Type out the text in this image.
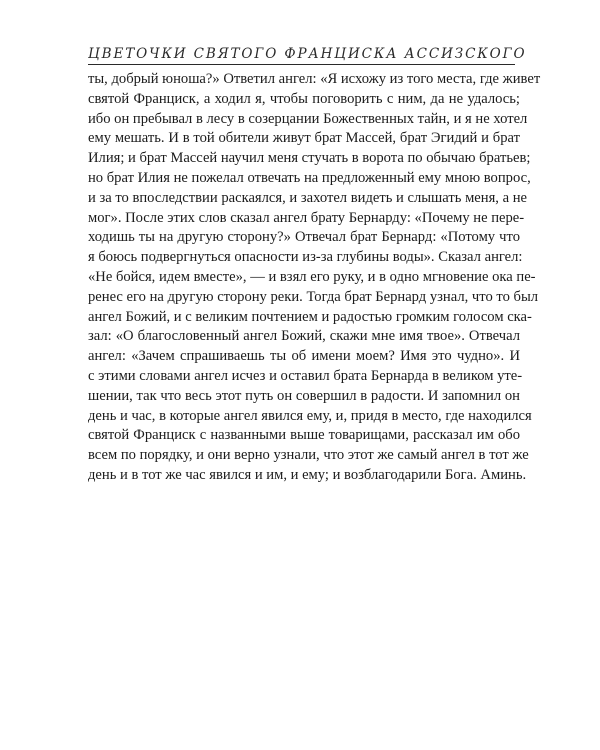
ЦВЕТОЧКИ СВЯТОГО ФРАНЦИСКА АССИЗСКОГО
ты, добрый юноша?» Ответил ангел: «Я исхожу из того места, где живет
святой Франциск, а ходил я, чтобы поговорить с ним, да не удалось;
ибо он пребывал в лесу в созерцании Божественных тайн, и я не хотел
ему мешать. И в той обители живут брат Массей, брат Эгидий и брат
Илия; и брат Массей научил меня стучать в ворота по обычаю братьев;
но брат Илия не пожелал отвечать на предложенный ему мною вопрос,
и за то впоследствии раскаялся, и захотел видеть и слышать меня, а не
мог». После этих слов сказал ангел брату Бернарду: «Почему не пере-
ходишь ты на другую сторону?» Отвечал брат Бернард: «Потому что
я боюсь подвергнуться опасности из-за глубины воды». Сказал ангел:
«Не бойся, идем вместе», — и взял его руку, и в одно мгновение ока пе-
ренес его на другую сторону реки. Тогда брат Бернард узнал, что то был
ангел Божий, и с великим почтением и радостью громким голосом ска-
зал: «О благословенный ангел Божий, скажи мне имя твое». Отвечал
ангел: «Зачем спрашиваешь ты об имени моем? Имя это чудно». И
с этими словами ангел исчез и оставил брата Бернарда в великом уте-
шении, так что весь этот путь он совершил в радости. И запомнил он
день и час, в которые ангел явился ему, и, придя в место, где находился
святой Франциск с названными выше товарищами, рассказал им обо
всем по порядку, и они верно узнали, что этот же самый ангел в тот же
день и в тот же час явился и им, и ему; и возблагодарили Бога. Аминь.
